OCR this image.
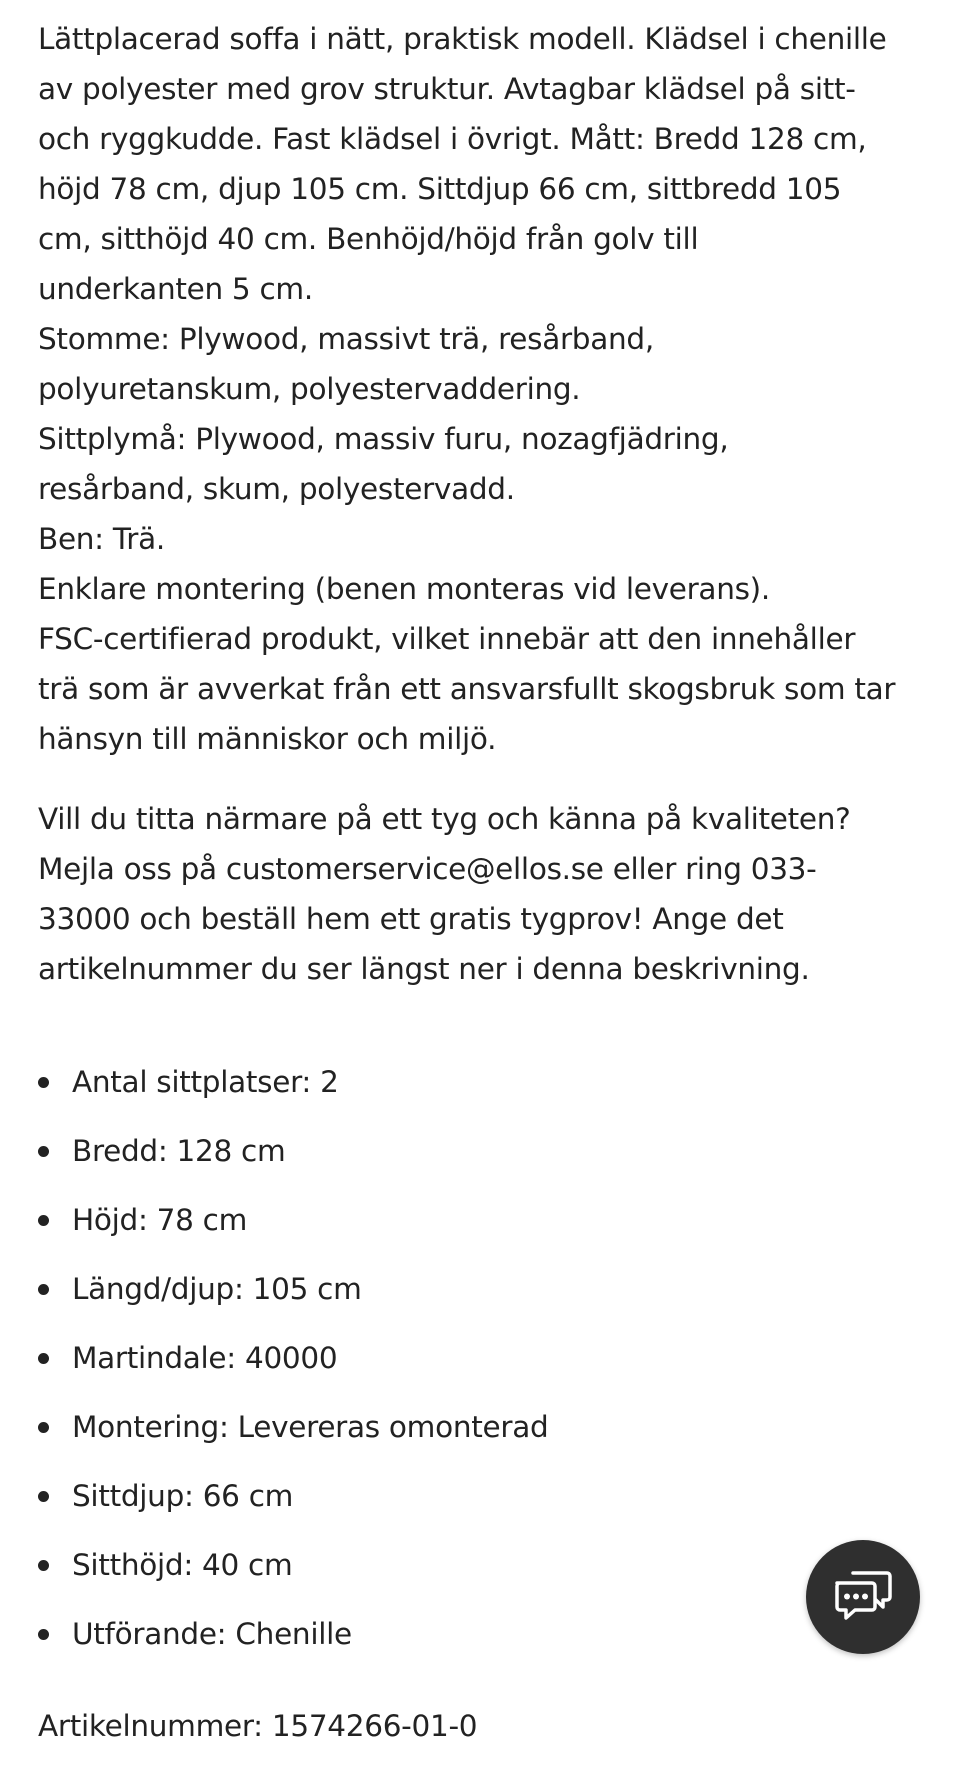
Lättplacerad soffa i nätt, praktisk modell. Klädsel i chenille

av polyester med grov struktur. Avtagbar klädsel på sitt-

och ryggkudde. Fast klädsel i övrigt. Mått: Bredd 128 cm,

höjd 78 cm, djup 105 cm. Sittdjup 66 cm, sittbredd 105

cm, sitthöjd 40 cm. Benhöjd/höjd från golv till

underkanten 5 cm.

Stomme: Plywood, massivt trä, resårband,

polyuretanskum, polyestervaddering.

Sittplymå: Plywood, massiv furu, nozagfjädring,

resårband, skum, polyestervadd.

Ben: Trä.

Enklare montering (benen monteras vid leverans).

FSC-certifierad produkt, vilket innebär att den innehåller

trä som är avverkat från ett ansvarsfullt skogsbruk som tar

hänsyn till människor och miljö.

Vill du titta närmare på ett tyg och känna på kvaliteten?

Mejla oss på customerservice@ellos.se eller ring 033-

33000 och beställ hem ett gratis tygprov! Ange det

artikelnummer du ser längst ner i denna beskrivning.

Antal sittplatser: 2
Bredd: 128 cm
Höjd: 78 cm
Längd/djup: 105 cm
Martindale: 40000
Montering: Levereras omonterad
Sittdjup: 66 cm
Sitthöjd: 40 cm
Utförande: Chenille
Artikelnummer: 1574266-01-0
